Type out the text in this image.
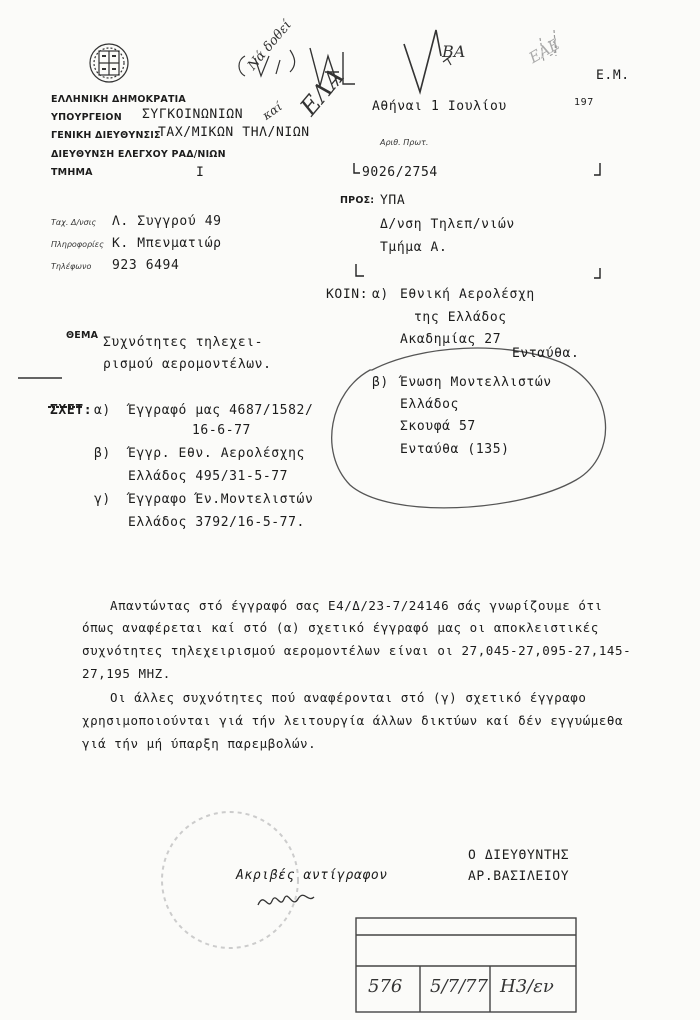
Νά δοθεί
καί ΕΛΑ
ΒΑ	ΕΑΕ
Ε.Μ.
ΕΛΛΗΝΙΚΗ ΔΗΜΟΚΡΑΤΙΑ
ΥΠΟΥΡΓΕΙΟΝ ΣΥΓΚΟΙΝΩΝΙΩΝ
ΓΕΝΙΚΗ ΔΙΕΥΘΥΝΣΙΣ
ΤΑΧ/ΜΙΚΩΝ ΤΗΛ/ΝΙΩΝ
ΔΙΕΥΘΥΝΣΗ ΕΛΕΓΧΟΥ ΡΑΔ/ΝΙΩΝ
ΤΜΗΜΑ	Ι
Ταχ. Δ/νσις Λ. Συγγρού 49
Πληροφορίες Κ. Μπενματιώρ
Τηλέφωνο 923 6494
Αθήναι 1 Ιουλίου	197
Αριθ. Πρωτ.
9026/2754
ΠΡΟΣ: ΥΠΑ
Δ/νση Τηλεπ/νιών
Τμήμα Α.
ΚΟΙΝ: α) Εθνική Αερολέσχη
της Ελλάδος
Ακαδημίας 27
Ενταύθα.
β) Ένωση Μοντελλιστών
Ελλάδος
Σκουφά 57
Ενταύθα (135)
ΘΕΜΑ Συχνότητες τηλεχει-
ρισμού αερομοντέλων.
ΣΧΕΤ: α) Έγγραφό μας 4687/1582/
16-6-77
β) Έγγρ. Εθν. Αερολέσχης
Ελλάδος 495/31-5-77
γ) Έγγραφο Έν.Μοντελιστών
Ελλάδος 3792/16-5-77.
Απαντώντας στό έγγραφό σας Ε4/Δ/23-7/24146 σάς γνωρίζουμε ότι
όπως αναφέρεται καί στό (α) σχετικό έγγραφό μας οι αποκλειστικές
συχνότητες τηλεχειρισμού αερομοντέλων είναι οι 27,045-27,095-27,145-
27,195 MHZ.
Οι άλλες συχνότητες πού αναφέρονται στό (γ) σχετικό έγγραφο
χρησιμοποιούνται γιά τήν λειτουργία άλλων δικτύων καί δέν εγγυώμεθα
γιά τήν μή ύπαρξη παρεμβολών.
Ο ΔΙΕΥΘΥΝΤΗΣ
ΑΡ.ΒΑΣΙΛΕΙΟΥ
Ακριβές αντίγραφον
576 5/7/77 Η3/εν
